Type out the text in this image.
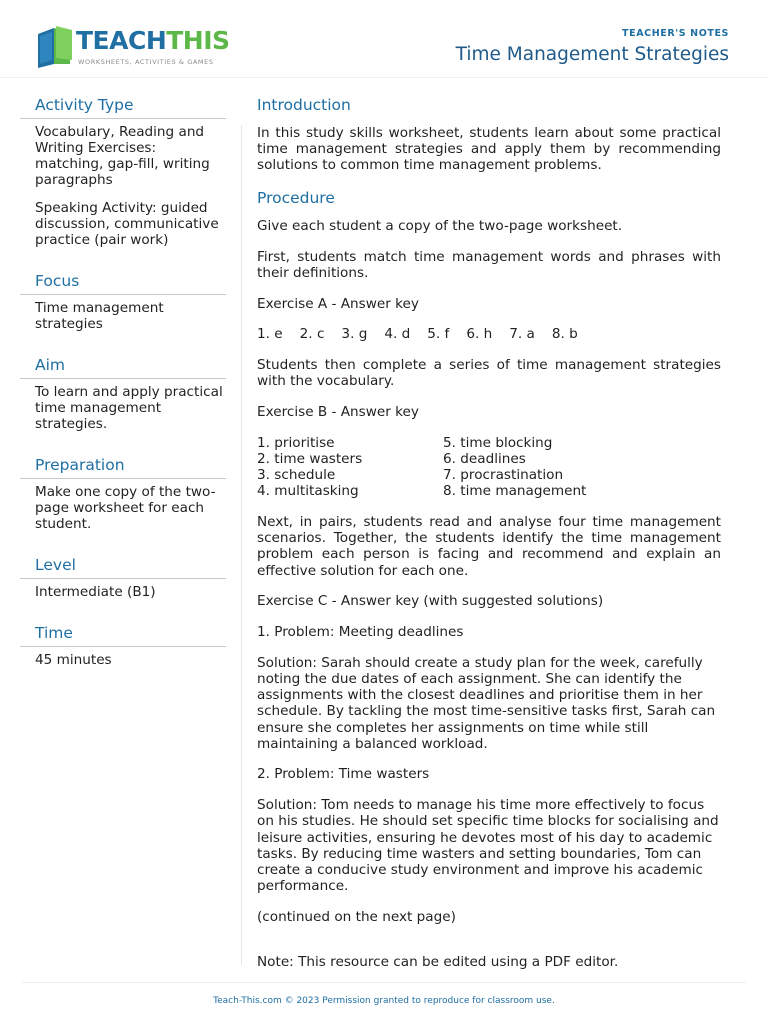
TEACHTHIS
WORKSHEETS, ACTIVITIES & GAMES
TEACHER'S NOTES
Time Management Strategies
Activity Type

Vocabulary, Reading and Writing Exercises: matching, gap-fill, writing paragraphs

Speaking Activity: guided discussion, communicative practice (pair work)

Focus

Time management strategies

Aim

To learn and apply practical time management strategies.

Preparation

Make one copy of the two-page worksheet for each student.

Level

Intermediate (B1)

Time

45 minutes

Introduction

In this study skills worksheet, students learn about some practical time management strategies and apply them by recommending solutions to common time management problems.

Procedure

Give each student a copy of the two-page worksheet.

First, students match time management words and phrases with their definitions.

Exercise A - Answer key

1. e 2. c 3. g 4. d 5. f 6. h 7. a 8. b

Students then complete a series of time management strategies with the vocabulary.

Exercise B - Answer key

1. prioritise	5. time blocking
2. time wasters	6. deadlines
3. schedule	7. procrastination
4. multitasking	8. time management

Next, in pairs, students read and analyse four time management scenarios. Together, the students identify the time management problem each person is facing and recommend and explain an effective solution for each one.

Exercise C - Answer key (with suggested solutions)

1. Problem: Meeting deadlines

Solution: Sarah should create a study plan for the week, carefully noting the due dates of each assignment. She can identify the assignments with the closest deadlines and prioritise them in her schedule. By tackling the most time-sensitive tasks first, Sarah can ensure she completes her assignments on time while still maintaining a balanced workload.

2. Problem: Time wasters

Solution: Tom needs to manage his time more effectively to focus on his studies. He should set specific time blocks for socialising and leisure activities, ensuring he devotes most of his day to academic tasks. By reducing time wasters and setting boundaries, Tom can create a conducive study environment and improve his academic performance.

(continued on the next page)

Note: This resource can be edited using a PDF editor.

Teach-This.com © 2023 Permission granted to reproduce for classroom use.
